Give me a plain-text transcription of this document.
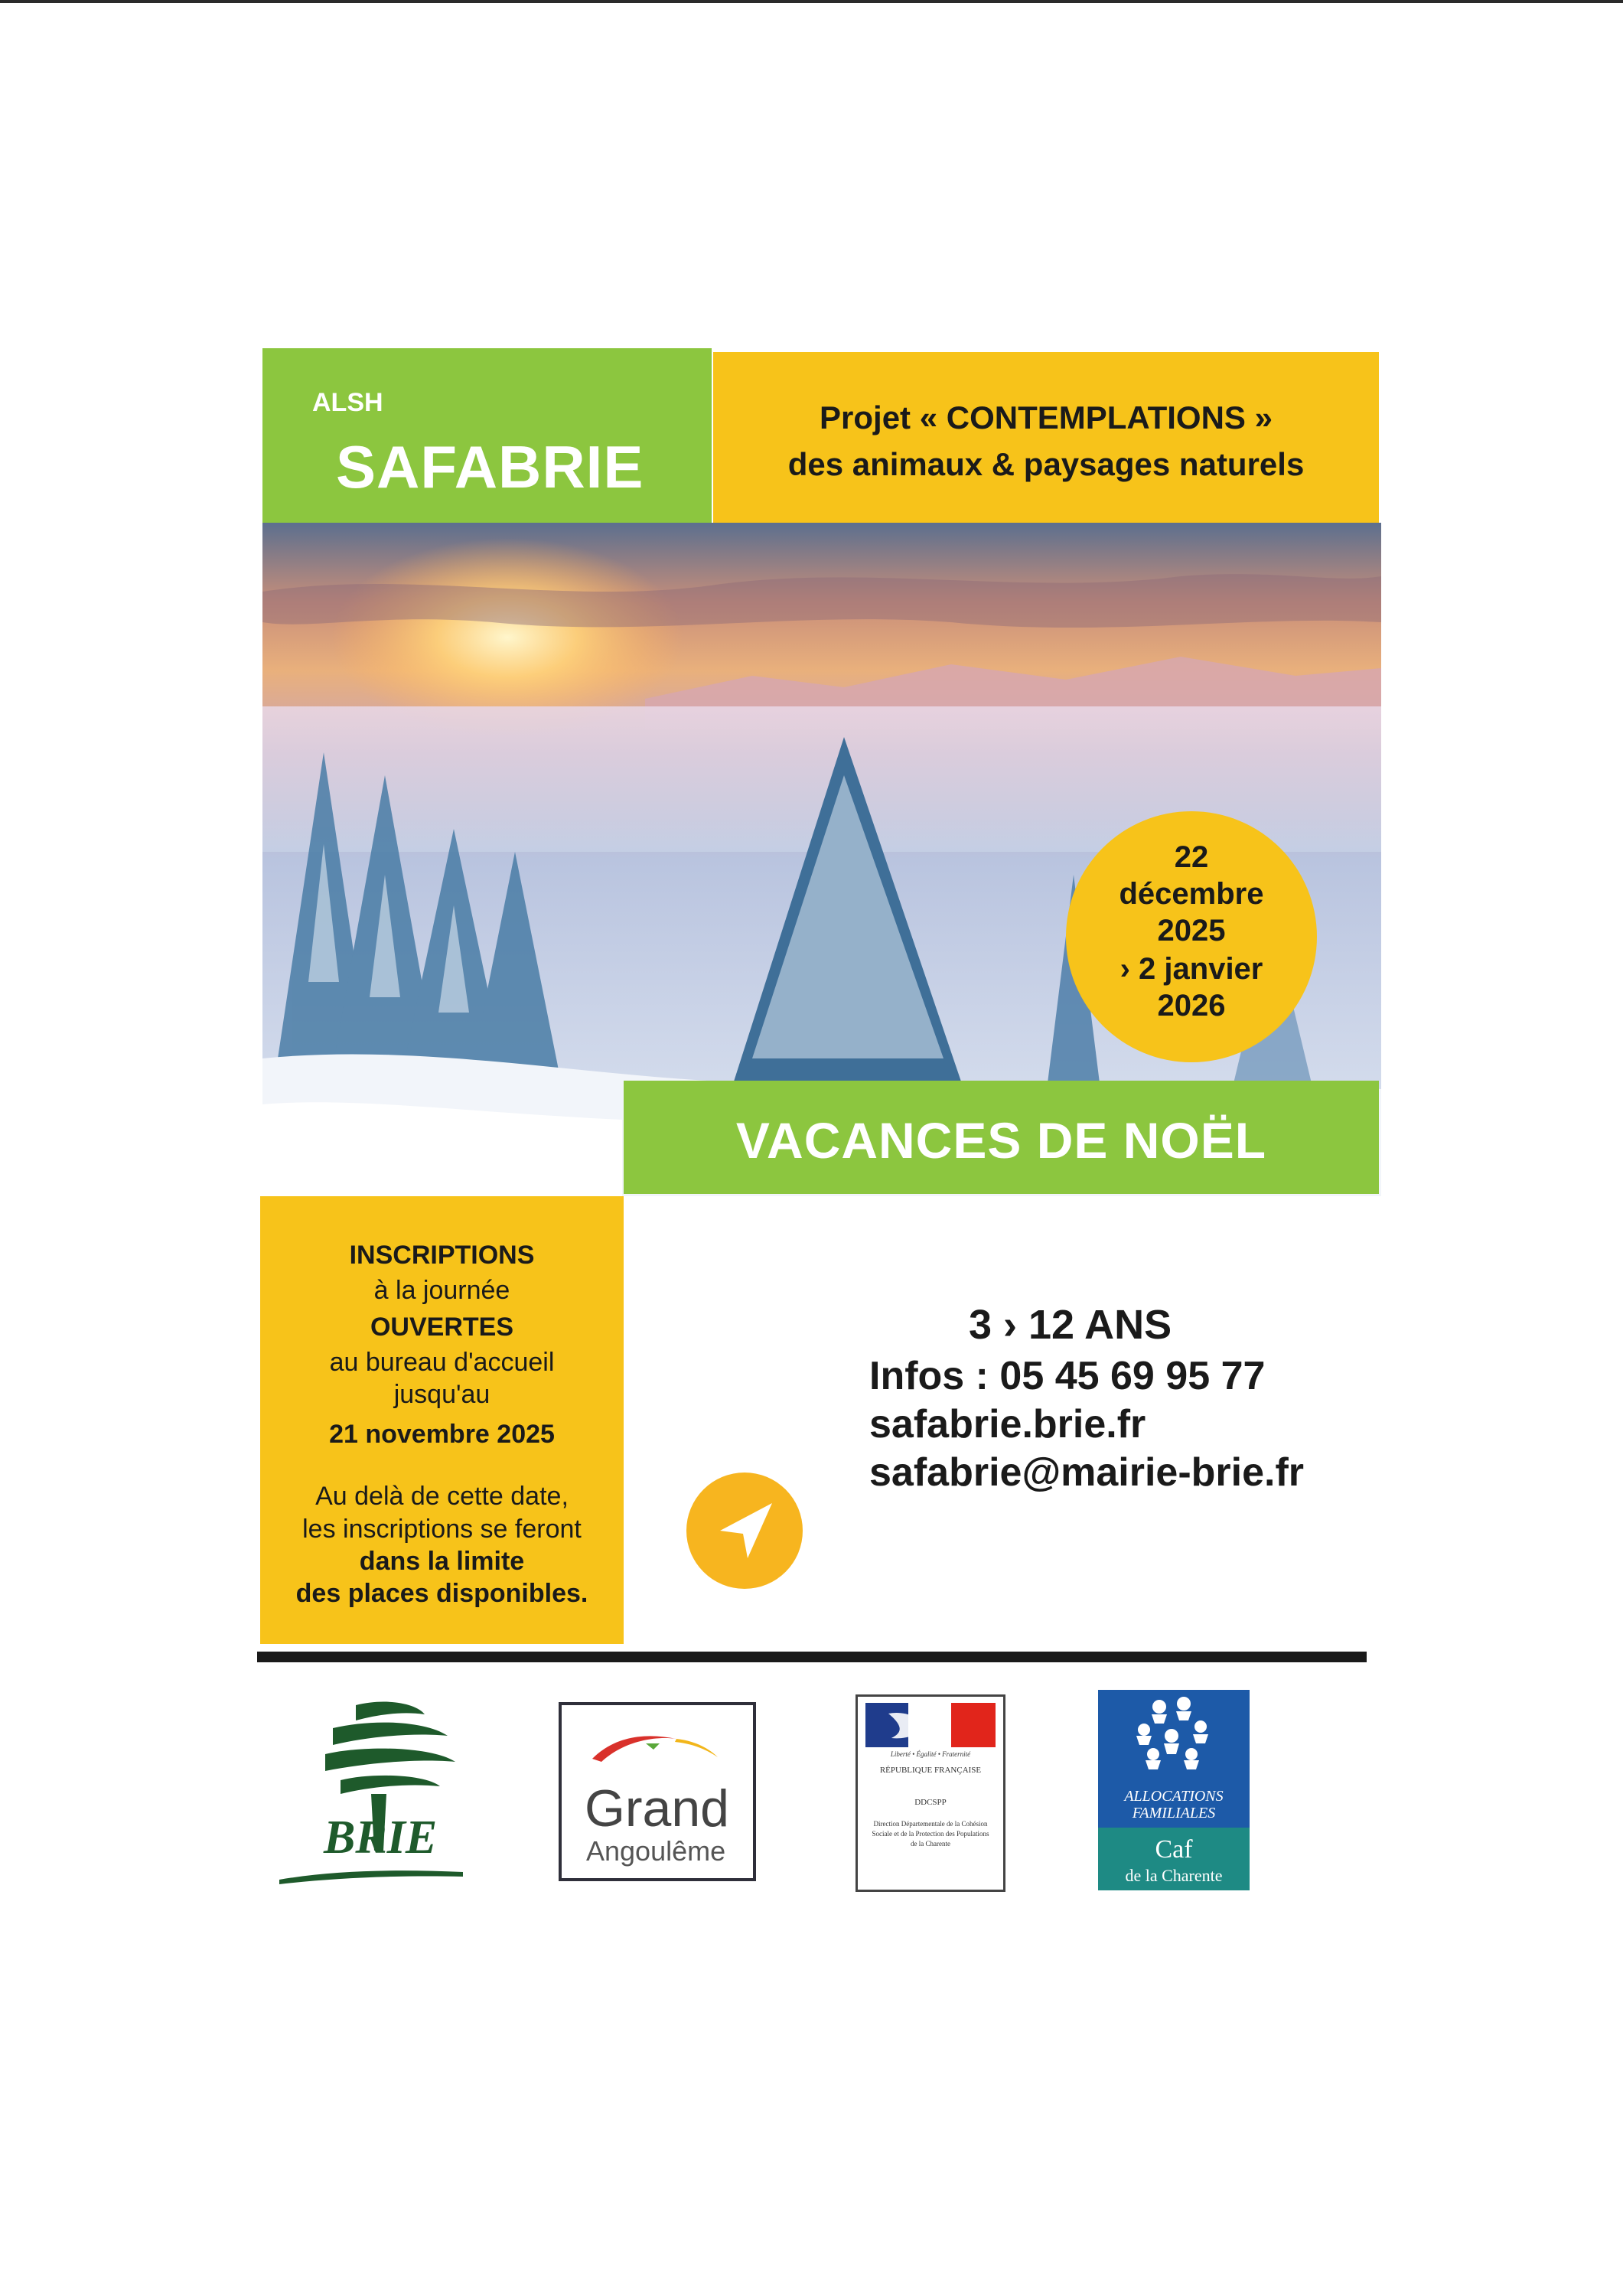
ALSH
SAFABRIE
Projet « CONTEMPLATIONS »
des animaux & paysages naturels
22
décembre
2025
› 2 janvier
2026
VACANCES DE NOËL
INSCRIPTIONS
à la journée
OUVERTES
au bureau d'accueil
jusqu'au
21 novembre 2025
Au delà de cette date,
les inscriptions se feront
dans la limite
des places disponibles.
3 › 12 ANS
Infos : 05 45 69 95 77
safabrie.brie.fr
safabrie@mairie-brie.fr
BRIE	Grand
Angoulême
Liberté • Égalité • Fraternité
RÉPUBLIQUE FRANÇAISE
DDCSPP
Direction Départementale de la Cohésion Sociale et de la Protection des Populations de la Charente
ALLOCATIONS
FAMILIALES
Caf
de la Charente
